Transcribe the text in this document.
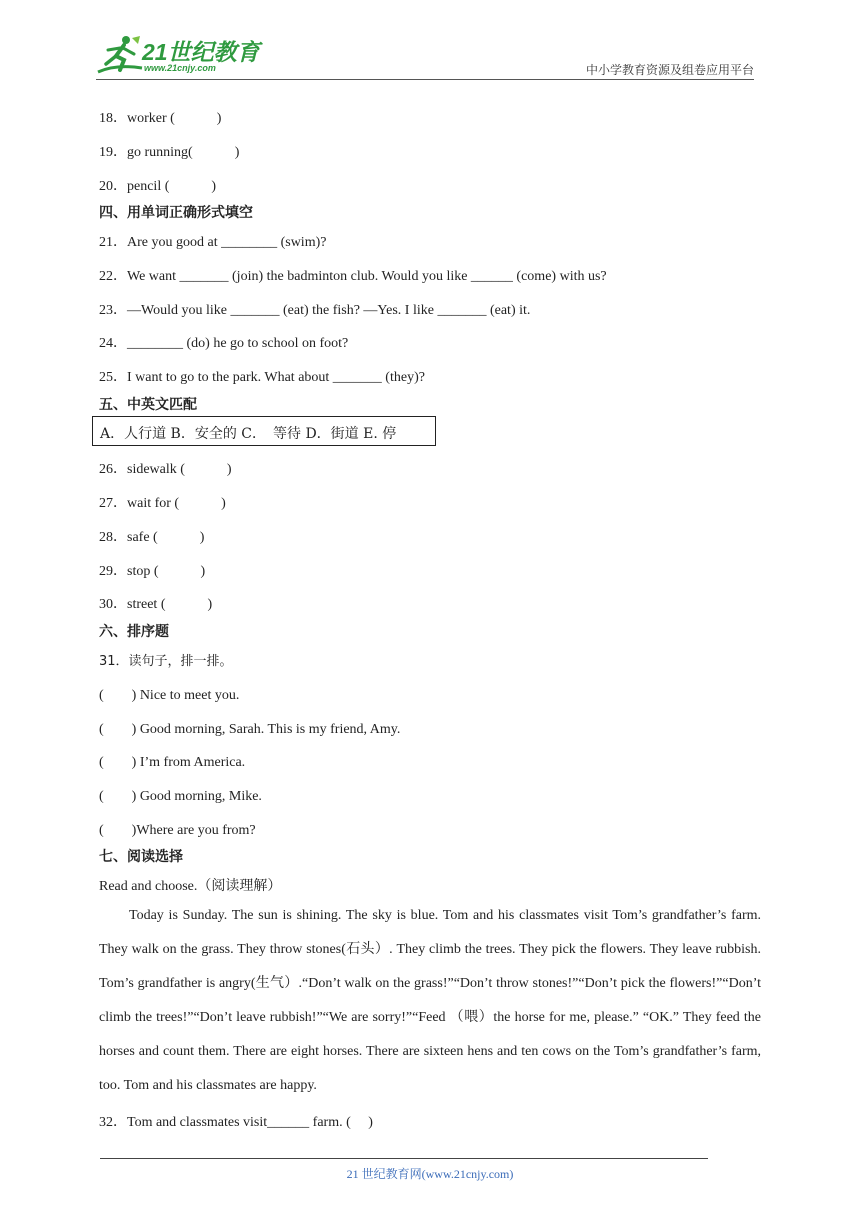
21世纪教育
www.21cnjy.com	中小学教育资源及组卷应用平台
18．worker (　　　)
19．go running(　　　)
20．pencil (　　　)
四、用单词正确形式填空
21．Are you good at ________ (swim)?
22．We want _______ (join) the badminton club. Would you like ______ (come) with us?
23．—Would you like _______ (eat) the fish? —Yes. I like _______ (eat) it.
24．________ (do) he go to school on foot?
25．I want to go to the park. What about _______ (they)?
五、中英文匹配
A．人行道 B．安全的 C．　等待 D．街道 E. 停
26．sidewalk (　　　)
27．wait for (　　　)
28．safe (　　　)
29．stop (　　　)
30．street (　　　)
六、排序题
31．读句子，排一排。
(　　) Nice to meet you.
(　　) Good morning, Sarah. This is my friend, Amy.
(　　) I’m from America.
(　　) Good morning, Mike.
(　　)Where are you from?
七、阅读选择
Read and choose.（阅读理解）

Today is Sunday. The sun is shining. The sky is blue. Tom and his classmates visit Tom’s grandfather’s farm. They walk on the grass. They throw stones(石头）. They climb the trees. They pick the flowers. They leave rubbish. Tom’s grandfather is angry(生气）.“Don’t walk on the grass!”“Don’t throw stones!”“Don’t pick the flowers!”“Don’t climb the trees!”“Don’t leave rubbish!”“We are sorry!”“Feed （喂）the horse for me, please.” “OK.” They feed the horses and count them. There are eight horses. There are sixteen hens and ten cows on the Tom’s grandfather’s farm, too. Tom and his classmates are happy.

32．Tom and classmates visit______ farm. (　 )
21 世纪教育网(www.21cnjy.com)
